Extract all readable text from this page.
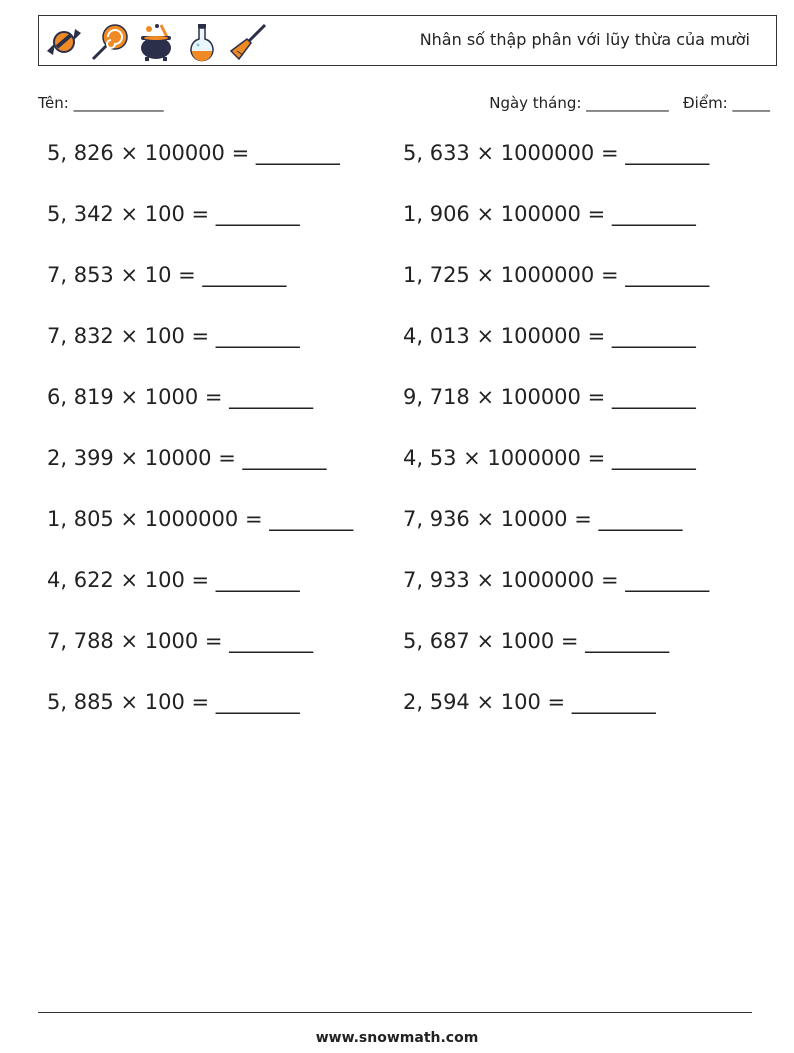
Nhân số thập phân với lũy thừa của mười
Tên: ____________	Ngày tháng: ___________ Điểm: _____
5, 826 × 100000 = ________	5, 633 × 1000000 = ________
5, 342 × 100 = ________	1, 906 × 100000 = ________
7, 853 × 10 = ________	1, 725 × 1000000 = ________
7, 832 × 100 = ________	4, 013 × 100000 = ________
6, 819 × 1000 = ________	9, 718 × 100000 = ________
2, 399 × 10000 = ________	4, 53 × 1000000 = ________
1, 805 × 1000000 = ________ 7, 936 × 10000 = ________
4, 622 × 100 = ________	7, 933 × 1000000 = ________
7, 788 × 1000 = ________	5, 687 × 1000 = ________
5, 885 × 100 = ________	2, 594 × 100 = ________
www.snowmath.com
